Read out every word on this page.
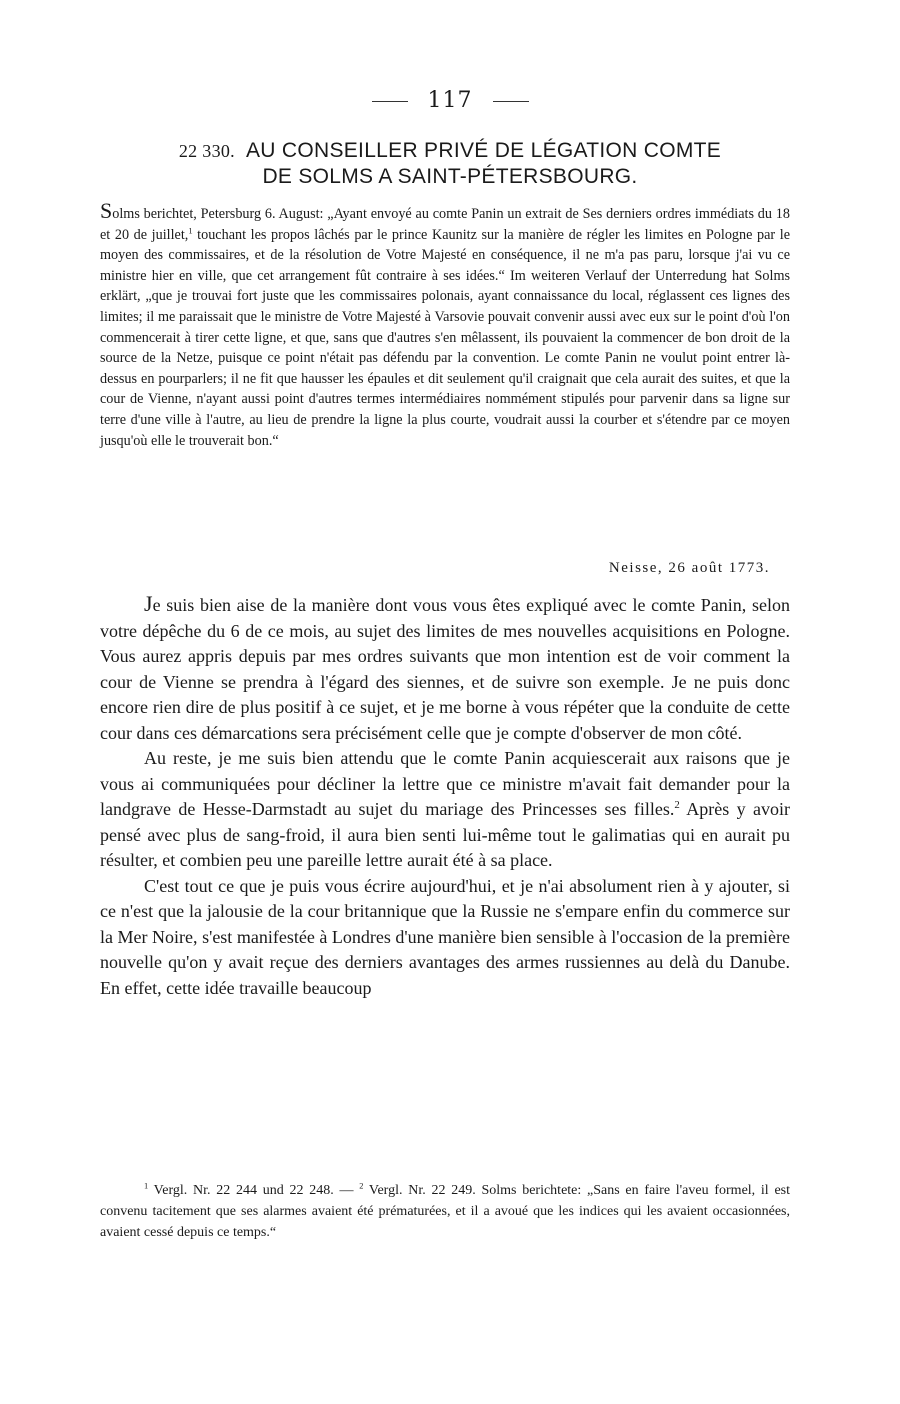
117
22 330. AU CONSEILLER PRIVÉ DE LÉGATION COMTE
DE SOLMS A SAINT-PÉTERSBOURG.
Solms berichtet, Petersburg 6. August: „Ayant envoyé au comte Panin un extrait de Ses derniers ordres immédiats du 18 et 20 de juillet,$^1$ touchant les propos lâchés par le prince Kaunitz sur la manière de régler les limites en Pologne par le moyen des commissaires, et de la résolution de Votre Majesté en conséquence, il ne m'a pas paru, lorsque j'ai vu ce ministre hier en ville, que cet arrangement fût contraire à ses idées.“ Im weiteren Verlauf der Unterredung hat Solms erklärt, „que je trouvai fort juste que les commissaires polonais, ayant connaissance du local, réglassent ces lignes des limites; il me paraissait que le ministre de Votre Majesté à Varsovie pouvait convenir aussi avec eux sur le point d'où l'on commencerait à tirer cette ligne, et que, sans que d'autres s'en mêlassent, ils pouvaient la commencer de bon droit de la source de la Netze, puisque ce point n'était pas défendu par la convention. Le comte Panin ne voulut point entrer là-dessus en pourparlers; il ne fit que hausser les épaules et dit seulement qu'il craignait que cela aurait des suites, et que la cour de Vienne, n'ayant aussi point d'autres termes intermédiaires nommément stipulés pour parvenir dans sa ligne sur terre d'une ville à l'autre, au lieu de prendre la ligne la plus courte, voudrait aussi la courber et s'étendre par ce moyen jusqu'où elle le trouverait bon.“
Neisse, 26 août 1773.

Je suis bien aise de la manière dont vous vous êtes expliqué avec le comte Panin, selon votre dépêche du 6 de ce mois, au sujet des limites de mes nouvelles acquisitions en Pologne. Vous aurez appris depuis par mes ordres suivants que mon intention est de voir comment la cour de Vienne se prendra à l'égard des siennes, et de suivre son exemple. Je ne puis donc encore rien dire de plus positif à ce sujet, et je me borne à vous répéter que la conduite de cette cour dans ces démarcations sera précisément celle que je compte d'observer de mon côté.

Au reste, je me suis bien attendu que le comte Panin acquiescerait aux raisons que je vous ai communiquées pour décliner la lettre que ce ministre m'avait fait demander pour la landgrave de Hesse-Darmstadt au sujet du mariage des Princesses ses filles.$^2$ Après y avoir pensé avec plus de sang-froid, il aura bien senti lui-même tout le galimatias qui en aurait pu résulter, et combien peu une pareille lettre aurait été à sa place.

C'est tout ce que je puis vous écrire aujourd'hui, et je n'ai absolument rien à y ajouter, si ce n'est que la jalousie de la cour britannique que la Russie ne s'empare enfin du commerce sur la Mer Noire, s'est manifestée à Londres d'une manière bien sensible à l'occasion de la première nouvelle qu'on y avait reçue des derniers avantages des armes russiennes au delà du Danube. En effet, cette idée travaille beaucoup

$^1$ Vergl. Nr. 22 244 und 22 248. — $^2$ Vergl. Nr. 22 249. Solms berichtete: „Sans en faire l'aveu formel, il est convenu tacitement que ses alarmes avaient été prématurées, et il a avoué que les indices qui les avaient occasionnées, avaient cessé depuis ce temps.“
